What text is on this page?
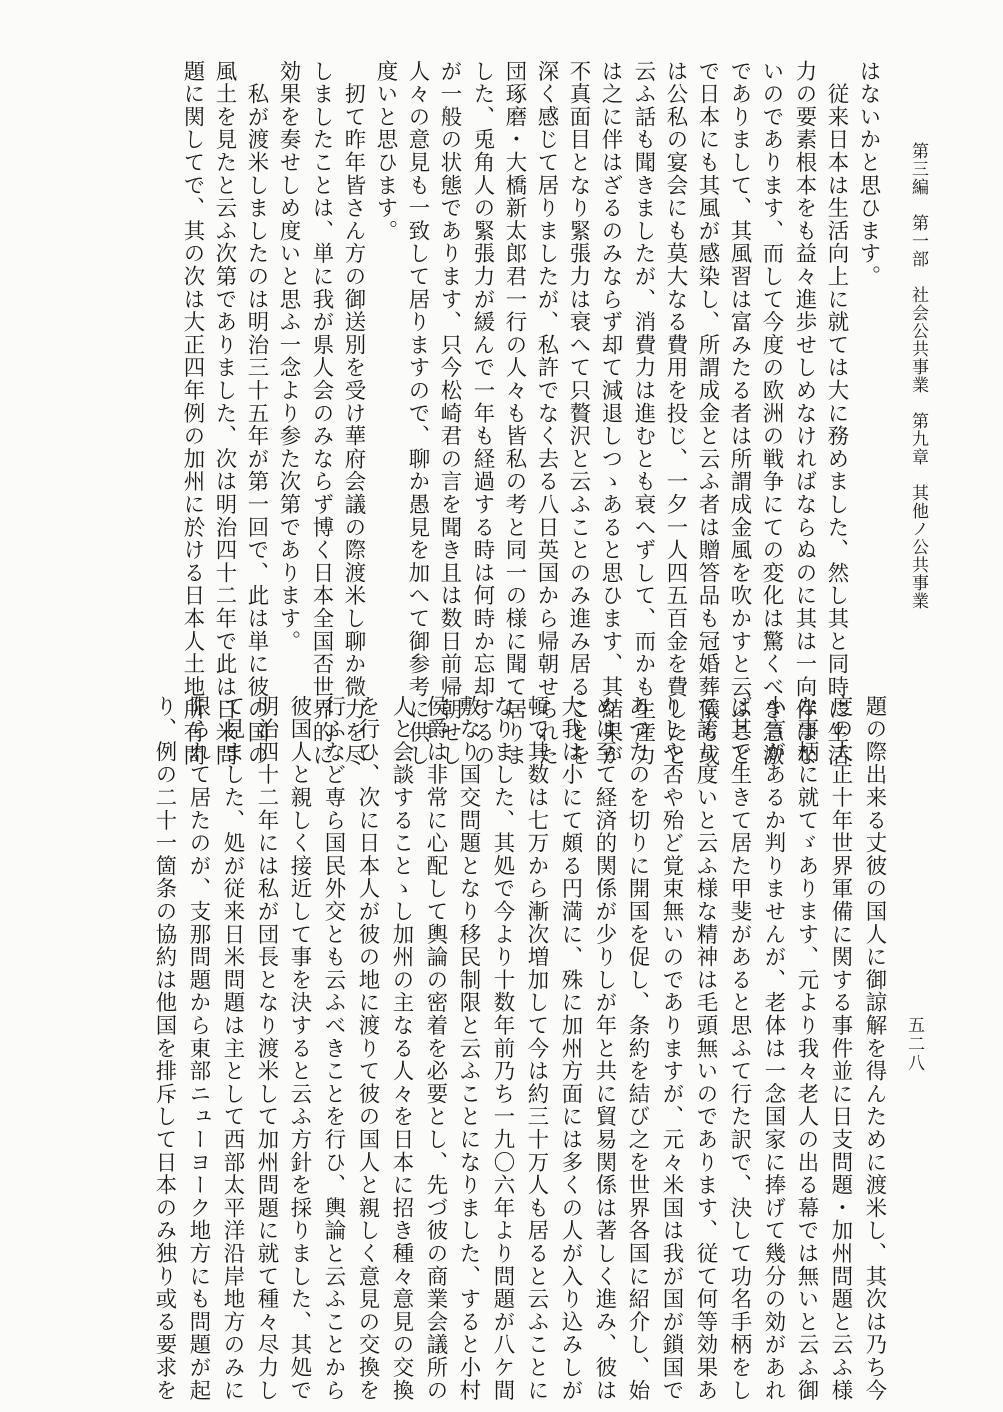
第三編　第一部　社会公共事業　第九章　其他ノ公共事業
五二八
はないかと思ひます。
　従来日本は生活向上に就ては大に務めました、然し其と同時に生活
力の要素根本をも益々進歩せしめなければならぬのに其は一向伴はな
いのであります、而して今度の欧洲の戦争にての変化は驚くべき急激
でありまして、其風習は富みたる者は所謂成金風を吹かすと云ふこと
で日本にも其風が感染し、所謂成金と云ふ者は贈答品も冠婚葬儀も或
は公私の宴会にも莫大なる費用を投じ、一夕一人四五百金を費したと
云ふ話も聞きましたが、消費力は進むとも衰へずして、而かも生産力
は之に伴はざるのみならず却て減退しつゝあると思ひます、其結果が
不真面目となり緊張力は衰へて只贅沢と云ふことのみ進み居ることを
深く感じて居りましたが、私許でなく去る八日英国から帰朝せられた
団琢磨・大橋新太郎君一行の人々も皆私の考と同一の様に聞て居りま
した、兎角人の緊張力が緩んで一年も経過する時は何時か忘却するの
が一般の状態であります、只今松崎君の言を聞き且は数日前帰朝せし
人々の意見も一致して居りますので、聊か愚見を加へて御参考に供し
度いと思ひます。
　扨て昨年皆さん方の御送別を受け華府会議の際渡米し聊か微力を尽
しましたことは、単に我が県人会のみならず博く日本全国否世界的に
効果を奏せしめ度いと思ふ一念より参た次第であります。
　私が渡米しましたのは明治三十五年が第一回で、此は単に彼の国の
風土を見たと云ふ次第でありました、次は明治四十二年で此は日米問
題に関してで、其の次は大正四年例の加州に於ける日本人土地所有問
題の際出来る丈彼の国人に御諒解を得んために渡米し、其次は乃ち今
度の大正十年世界軍備に関する事件並に日支問題・加州問題と云ふ様
な事柄に就てゞあります、元より我々老人の出る幕では無いと云ふ御
小言があるか判りませんが、老体は一念国家に捧げて幾分の効があれ
ば其で生きて居た甲斐があると思ふて行た訳で、決して功名手柄をし
て誇り度いと云ふ様な精神は毛頭無いのであります、従て何等効果あ
りしや否や殆ど覚束無いのでありますが、元々米国は我が国が鎖国で
あつたのを切りに開国を促し、条約を結び之を世界各国に紹介し、始
めは至て経済的関係が少りしが年と共に貿易関係は著しく進み、彼は
大我は小にて頗る円満に、殊に加州方面には多くの人が入り込みしが
頓て其数は七万から漸次増加して今は約三十万人も居ると云ふことに
なりました、其処で今より十数年前乃ち一九〇六年より問題が八ケ間
敷なり国交問題となり移民制限と云ふことになりました、すると小村
侯爵は非常に心配して輿論の密着を必要とし、先づ彼の商業会議所の
人と会談することゝし加州の主なる人々を日本に招き種々意見の交換
を行ひ、次に日本人が彼の地に渡りて彼の国人と親しく意見の交換を
行ふなど専ら国民外交とも云ふべきことを行ひ、輿論と云ふことから
彼国人と親しく接近して事を決すると云ふ方針を採りました、其処で
明治四十二年には私が団長となり渡米して加州問題に就て種々尽力し
て見ました、処が従来日米問題は主として西部太平洋沿岸地方のみに
限られて居たのが、支那問題から東部ニューヨーク地方にも問題が起
り、例の二十一箇条の協約は他国を排斥して日本のみ独り或る要求を
